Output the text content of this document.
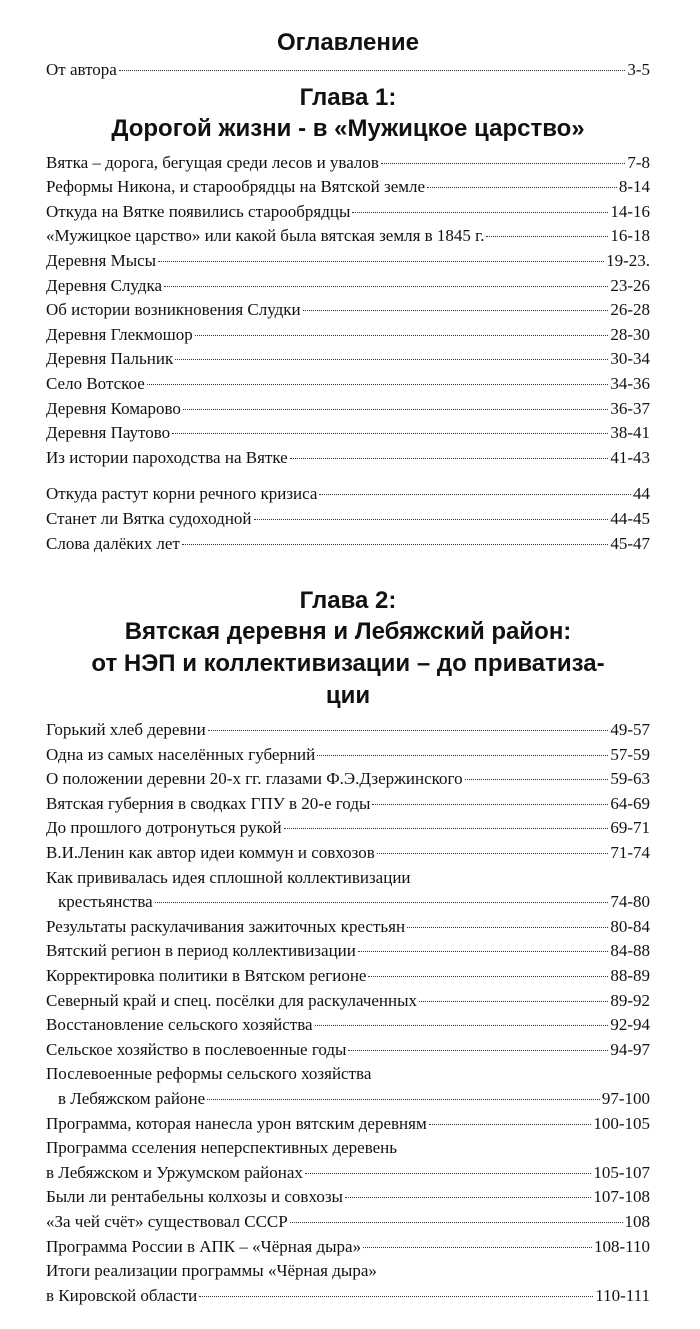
Оглавление
От автора	3-5
Глава 1:
Дорогой жизни - в «Мужицкое царство»
Вятка – дорога, бегущая среди лесов и увалов	7-8
Реформы Никона, и старообрядцы на Вятской земле	8-14
Откуда на Вятке появились старообрядцы	14-16
«Мужицкое царство» или какой была вятская земля в 1845 г.	16-18
Деревня Мысы	19-23.
Деревня Слудка	23-26
Об истории возникновения Слудки	26-28
Деревня Глекмошор	28-30
Деревня Пальник	30-34
Село Вотское	34-36
Деревня Комарово	36-37
Деревня Паутово	38-41
Из истории пароходства на Вятке	41-43
Откуда растут корни речного кризиса	44
Станет ли Вятка судоходной	44-45
Слова далёких лет	45-47
Глава 2:
Вятская деревня и Лебяжский район:
от НЭП и коллективизации – до приватиза-
ции
Горький хлеб деревни	49-57
Одна из самых населённых губерний	57-59
О положении деревни 20-х гг. глазами Ф.Э.Дзержинского	59-63
Вятская губерния в сводках ГПУ в 20-е годы	64-69
До прошлого дотронуться рукой	69-71
В.И.Ленин как автор идеи коммун и совхозов	71-74
Как прививалась идея сплошной коллективизации
крестьянства	74-80
Результаты раскулачивания зажиточных крестьян	80-84
Вятский регион в период коллективизации	84-88
Корректировка политики в Вятском регионе	88-89
Северный край и спец. посёлки для раскулаченных	89-92
Восстановление сельского хозяйства	92-94
Сельское хозяйство в послевоенные годы	94-97
Послевоенные реформы сельского хозяйства
в Лебяжском районе	97-100
Программа, которая нанесла урон вятским деревням	100-105
Программа сселения неперспективных деревень
в Лебяжском и Уржумском районах	105-107
Были ли рентабельны колхозы и совхозы	107-108
«За чей счёт» существовал СССР	108
Программа России в АПК – «Чёрная дыра»	108-110
Итоги реализации программы «Чёрная дыра»
в Кировской области	110-111
